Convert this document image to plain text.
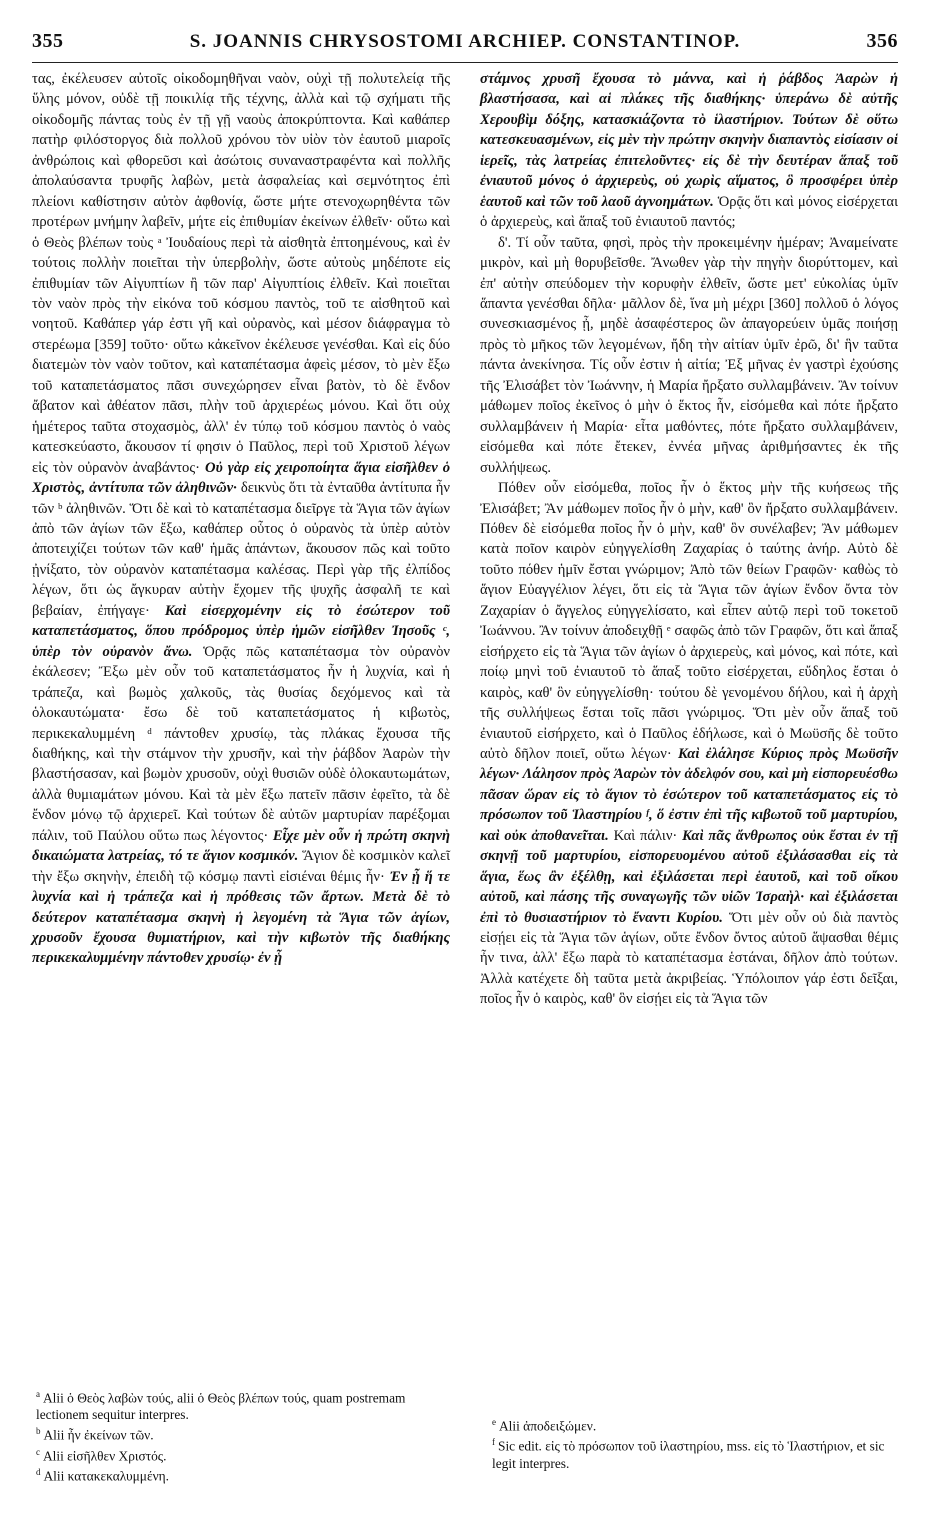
355	S. JOANNIS CHRYSOSTOMI ARCHIEP. CONSTANTINOP.	356

τας, ἐκέλευσεν αὐτοῖς οἰκοδομηθῆναι ναὸν, οὐχὶ τῇ πολυτελείᾳ τῆς ὕλης μόνον, οὐδὲ τῇ ποικιλίᾳ τῆς τέχνης, ἀλλὰ καὶ τῷ σχήματι τῆς οἰκοδομῆς πάντας τοὺς ἐν τῇ γῇ ναοὺς ἀποκρύπτοντα. Καὶ καθάπερ πατὴρ φιλόστοργος διὰ πολλοῦ χρόνου τὸν υἱὸν τὸν ἑαυτοῦ μιαροῖς ἀνθρώποις καὶ φθορεῦσι καὶ ἀσώτοις συναναστραφέντα καὶ πολλῆς ἀπολαύσαντα τρυφῆς λαβὼν, μετὰ ἀσφαλείας καὶ σεμνότητος ἐπὶ πλείονι καθίστησιν αὐτὸν ἀφθονίᾳ, ὥστε μήτε στενοχωρηθέντα τῶν προτέρων μνήμην λαβεῖν, μήτε εἰς ἐπιθυμίαν ἐκείνων ἐλθεῖν· οὕτω καὶ ὁ Θεὸς βλέπων τοὺς ᵃ Ἰουδαίους περὶ τὰ αἰσθητὰ ἐπτοημένους, καὶ ἐν τούτοις πολλὴν ποιεῖται τὴν ὑπερβολὴν, ὥστε αὐτοὺς μηδέποτε εἰς ἐπιθυμίαν τῶν Αἰγυπτίων ἢ τῶν παρ' Αἰγυπτίοις ἐλθεῖν. Καὶ ποιεῖται τὸν ναὸν πρὸς τὴν εἰκόνα τοῦ κόσμου παντὸς, τοῦ τε αἰσθητοῦ καὶ νοητοῦ. Καθάπερ γάρ ἐστι γῆ καὶ οὐρανὸς, καὶ μέσον διάφραγμα τὸ στερέωμα [359] τοῦτο· οὕτω κἀκεῖνον ἐκέλευσε γενέσθαι. Καὶ εἰς δύο διατεμὼν τὸν ναὸν τοῦτον, καὶ καταπέτασμα ἀφεὶς μέσον, τὸ μὲν ἔξω τοῦ καταπετάσματος πᾶσι συνεχώρησεν εἶναι βατὸν, τὸ δὲ ἔνδον ἄβατον καὶ ἀθέατον πᾶσι, πλὴν τοῦ ἀρχιερέως μόνου. Καὶ ὅτι οὐχ ἡμέτερος ταῦτα στοχασμὸς, ἀλλ' ἐν τύπῳ τοῦ κόσμου παντὸς ὁ ναὸς κατεσκεύαστο, ἄκουσον τί φησιν ὁ Παῦλος, περὶ τοῦ Χριστοῦ λέγων εἰς τὸν οὐρανὸν ἀναβάντος· Οὐ γὰρ εἰς χειροποίητα ἅγια εἰσῆλθεν ὁ Χριστὸς, ἀντίτυπα τῶν ἀληθινῶν· δεικνὺς ὅτι τὰ ἐνταῦθα ἀντίτυπα ἦν τῶν ᵇ ἀληθινῶν. Ὅτι δὲ καὶ τὸ καταπέτασμα διεῖργε τὰ Ἅγια τῶν ἁγίων ἀπὸ τῶν ἁγίων τῶν ἔξω, καθάπερ οὗτος ὁ οὐρανὸς τὰ ὑπὲρ αὐτὸν ἀποτειχίζει τούτων τῶν καθ' ἡμᾶς ἁπάντων, ἄκουσον πῶς καὶ τοῦτο ᾐνίξατο, τὸν οὐρανὸν καταπέτασμα καλέσας. Περὶ γὰρ τῆς ἐλπίδος λέγων, ὅτι ὡς ἄγκυραν αὐτὴν ἔχομεν τῆς ψυχῆς ἀσφαλῆ τε καὶ βεβαίαν, ἐπήγαγε· Καὶ εἰσερχομένην εἰς τὸ ἐσώτερον τοῦ καταπετάσματος, ὅπου πρόδρομος ὑπὲρ ἡμῶν εἰσῆλθεν Ἰησοῦς ᶜ, ὑπὲρ τὸν οὐρανὸν ἄνω. Ὁρᾷς πῶς καταπέτασμα τὸν οὐρανὸν ἐκάλεσεν; Ἔξω μὲν οὖν τοῦ καταπετάσματος ἦν ἡ λυχνία, καὶ ἡ τράπεζα, καὶ βωμὸς χαλκοῦς, τὰς θυσίας δεχόμενος καὶ τὰ ὁλοκαυτώματα· ἔσω δὲ τοῦ καταπετάσματος ἡ κιβωτὸς, περικεκαλυμμένη ᵈ πάντοθεν χρυσίῳ, τὰς πλάκας ἔχουσα τῆς διαθήκης, καὶ τὴν στάμνον τὴν χρυσῆν, καὶ τὴν ῥάβδον Ἀαρὼν τὴν βλαστήσασαν, καὶ βωμὸν χρυσοῦν, οὐχὶ θυσιῶν οὐδὲ ὁλοκαυτωμάτων, ἀλλὰ θυμιαμάτων μόνου. Καὶ τὰ μὲν ἔξω πατεῖν πᾶσιν ἐφεῖτο, τὰ δὲ ἔνδον μόνῳ τῷ ἀρχιερεῖ. Καὶ τούτων δὲ αὐτῶν μαρτυρίαν παρέξομαι πάλιν, τοῦ Παύλου οὕτω πως λέγοντος· Εἶχε μὲν οὖν ἡ πρώτη σκηνὴ δικαιώματα λατρείας, τό τε ἅγιον κοσμικόν. Ἅγιον δὲ κοσμικὸν καλεῖ τὴν ἔξω σκηνὴν, ἐπειδὴ τῷ κόσμῳ παντὶ εἰσιέναι θέμις ἦν· Ἐν ᾗ ἥ τε λυχνία καὶ ἡ τράπεζα καὶ ἡ πρόθεσις τῶν ἄρτων. Μετὰ δὲ τὸ δεύτερον καταπέτασμα σκηνὴ ἡ λεγομένη τὰ Ἅγια τῶν ἁγίων, χρυσοῦν ἔχουσα θυμιατήριον, καὶ τὴν κιβωτὸν τῆς διαθήκης περικεκαλυμμένην πάντοθεν χρυσίῳ· ἐν ᾗ

στάμνος χρυσῆ ἔχουσα τὸ μάννα, καὶ ἡ ῥάβδος Ἀαρὼν ἡ βλαστήσασα, καὶ αἱ πλάκες τῆς διαθήκης· ὑπεράνω δὲ αὐτῆς Χερουβὶμ δόξης, κατασκιάζοντα τὸ ἱλαστήριον. Τούτων δὲ οὕτω κατεσκευασμένων, εἰς μὲν τὴν πρώτην σκηνὴν διαπαντὸς εἰσίασιν οἱ ἱερεῖς, τὰς λατρείας ἐπιτελοῦντες· εἰς δὲ τὴν δευτέραν ἅπαξ τοῦ ἐνιαυτοῦ μόνος ὁ ἀρχιερεὺς, οὐ χωρὶς αἵματος, ὃ προσφέρει ὑπὲρ ἑαυτοῦ καὶ τῶν τοῦ λαοῦ ἀγνοημάτων. Ὁρᾷς ὅτι καὶ μόνος εἰσέρχεται ὁ ἀρχιερεὺς, καὶ ἅπαξ τοῦ ἐνιαυτοῦ παντός;

δ'. Τί οὖν ταῦτα, φησὶ, πρὸς τὴν προκειμένην ἡμέραν; Ἀναμείνατε μικρὸν, καὶ μὴ θορυβεῖσθε. Ἄνωθεν γὰρ τὴν πηγὴν διορύττομεν, καὶ ἐπ' αὐτὴν σπεύδομεν τὴν κορυφὴν ἐλθεῖν, ὥστε μετ' εὐκολίας ὑμῖν ἅπαντα γενέσθαι δῆλα· μᾶλλον δὲ, ἵνα μὴ μέχρι [360] πολλοῦ ὁ λόγος συνεσκιασμένος ᾖ, μηδὲ ἀσαφέστερος ὢν ἀπαγορεύειν ὑμᾶς ποιήσῃ πρὸς τὸ μῆκος τῶν λεγομένων, ἤδη τὴν αἰτίαν ὑμῖν ἐρῶ, δι' ἣν ταῦτα πάντα ἀνεκίνησα. Τίς οὖν ἐστιν ἡ αἰτία; Ἐξ μῆνας ἐν γαστρὶ ἐχούσης τῆς Ἐλισάβετ τὸν Ἰωάννην, ἡ Μαρία ἤρξατο συλλαμβάνειν. Ἂν τοίνυν μάθωμεν ποῖος ἐκεῖνος ὁ μὴν ὁ ἕκτος ἦν, εἰσόμεθα καὶ πότε ἤρξατο συλλαμβάνειν ἡ Μαρία· εἶτα μαθόντες, πότε ἤρξατο συλλαμβάνειν, εἰσόμεθα καὶ πότε ἔτεκεν, ἐννέα μῆνας ἀριθμήσαντες ἐκ τῆς συλλήψεως.

Πόθεν οὖν εἰσόμεθα, ποῖος ἦν ὁ ἕκτος μὴν τῆς κυήσεως τῆς Ἐλισάβετ; Ἂν μάθωμεν ποῖος ἦν ὁ μὴν, καθ' ὃν ἤρξατο συλλαμβάνειν. Πόθεν δὲ εἰσόμεθα ποῖος ἦν ὁ μὴν, καθ' ὃν συνέλαβεν; Ἂν μάθωμεν κατὰ ποῖον καιρὸν εὐηγγελίσθη Ζαχαρίας ὁ ταύτης ἀνήρ. Αὐτὸ δὲ τοῦτο πόθεν ἡμῖν ἔσται γνώριμον; Ἀπὸ τῶν θείων Γραφῶν· καθὼς τὸ ἅγιον Εὐαγγέλιον λέγει, ὅτι εἰς τὰ Ἅγια τῶν ἁγίων ἔνδον ὄντα τὸν Ζαχαρίαν ὁ ἄγγελος εὐηγγελίσατο, καὶ εἶπεν αὐτῷ περὶ τοῦ τοκετοῦ Ἰωάννου. Ἂν τοίνυν ἀποδειχθῇ ᵉ σαφῶς ἀπὸ τῶν Γραφῶν, ὅτι καὶ ἅπαξ εἰσήρχετο εἰς τὰ Ἅγια τῶν ἁγίων ὁ ἀρχιερεὺς, καὶ μόνος, καὶ πότε, καὶ ποίῳ μηνὶ τοῦ ἐνιαυτοῦ τὸ ἅπαξ τοῦτο εἰσέρχεται, εὔδηλος ἔσται ὁ καιρὸς, καθ' ὃν εὐηγγελίσθη· τούτου δὲ γενομένου δήλου, καὶ ἡ ἀρχὴ τῆς συλλήψεως ἔσται τοῖς πᾶσι γνώριμος. Ὅτι μὲν οὖν ἅπαξ τοῦ ἐνιαυτοῦ εἰσήρχετο, καὶ ὁ Παῦλος ἐδήλωσε, καὶ ὁ Μωϋσῆς δὲ τοῦτο αὐτὸ δῆλον ποιεῖ, οὕτω λέγων· Καὶ ἐλάλησε Κύριος πρὸς Μωϋσῆν λέγων· Λάλησον πρὸς Ἀαρὼν τὸν ἀδελφόν σου, καὶ μὴ εἰσπορευέσθω πᾶσαν ὥραν εἰς τὸ ἅγιον τὸ ἐσώτερον τοῦ καταπετάσματος εἰς τὸ πρόσωπον τοῦ Ἱλαστηρίου ᶠ, ὅ ἐστιν ἐπὶ τῆς κιβωτοῦ τοῦ μαρτυρίου, καὶ οὐκ ἀποθανεῖται. Καὶ πάλιν· Καὶ πᾶς ἄνθρωπος οὐκ ἔσται ἐν τῇ σκηνῇ τοῦ μαρτυρίου, εἰσπορευομένου αὐτοῦ ἐξιλάσασθαι εἰς τὰ ἅγια, ἕως ἂν ἐξέλθῃ, καὶ ἐξιλάσεται περὶ ἑαυτοῦ, καὶ τοῦ οἴκου αὐτοῦ, καὶ πάσης τῆς συναγωγῆς τῶν υἱῶν Ἰσραὴλ· καὶ ἐξιλάσεται ἐπὶ τὸ θυσιαστήριον τὸ ἔναντι Κυρίου. Ὅτι μὲν οὖν οὐ διὰ παντὸς εἰσῄει εἰς τὰ Ἅγια τῶν ἁγίων, οὔτε ἔνδον ὄντος αὐτοῦ ἅψασθαι θέμις ἦν τινα, ἀλλ' ἔξω παρὰ τὸ καταπέτασμα ἑστάναι, δῆλον ἀπὸ τούτων. Ἀλλὰ κατέχετε δὴ ταῦτα μετὰ ἀκριβείας. Ὑπόλοιπον γάρ ἐστι δεῖξαι, ποῖος ἦν ὁ καιρὸς, καθ' ὃν εἰσῄει εἰς τὰ Ἅγια τῶν

$^a$ Alii ὁ Θεὸς λαβὼν τούς, alii ὁ Θεὸς βλέπων τούς, quam postremam lectionem sequitur interpres.
$^b$ Alii ἦν ἐκείνων τῶν.
$^c$ Alii εἰσῆλθεν Χριστός.
$^d$ Alii κατακεκαλυμμένη.
$^e$ Alii ἀποδειξώμεν.
$^f$ Sic edit. εἰς τὸ πρόσωπον τοῦ ἱλαστηρίου, mss. εἰς τὸ Ἱλαστήριον, et sic legit interpres.
